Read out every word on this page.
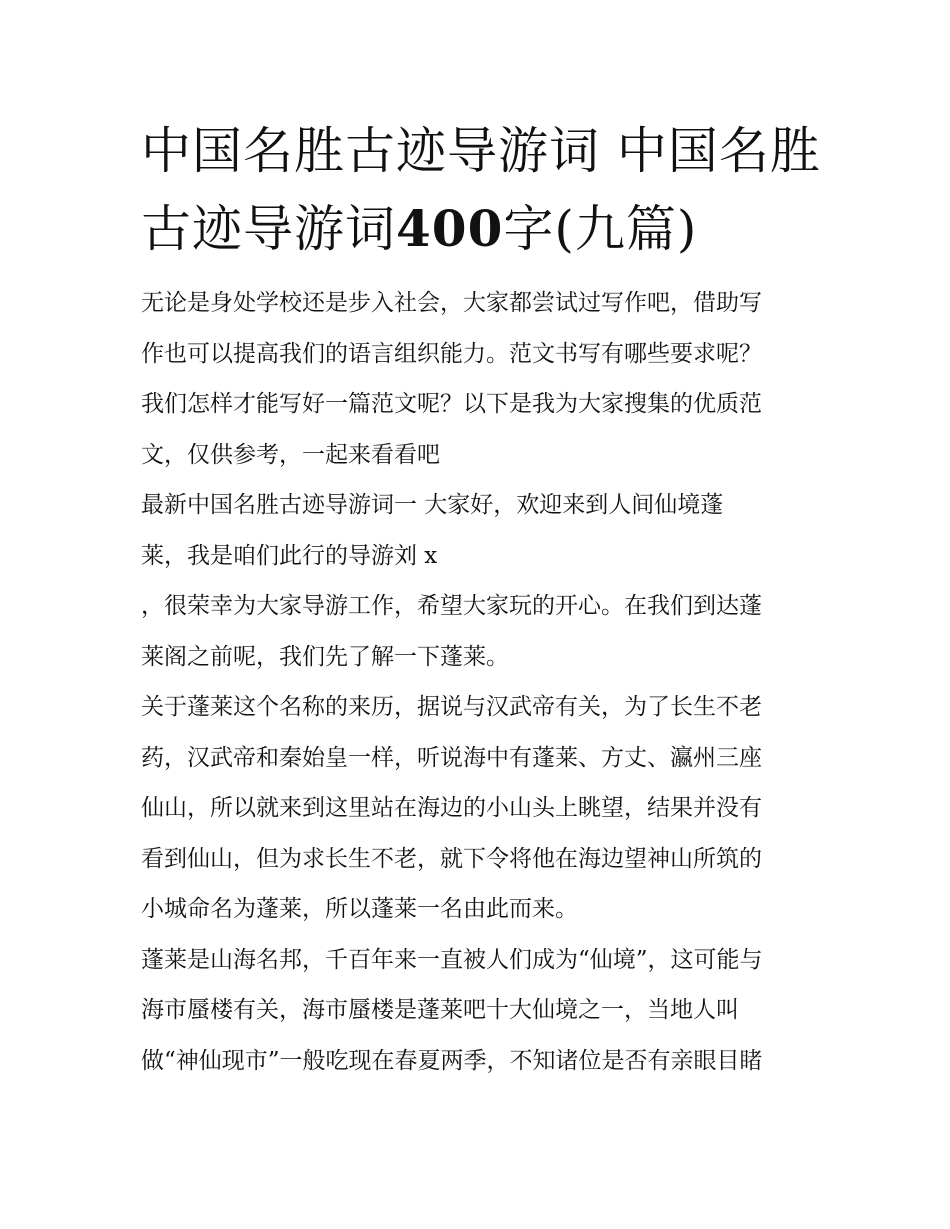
中国名胜古迹导游词 中国名胜古迹导游词400字(九篇)

无论是身处学校还是步入社会，大家都尝试过写作吧，借助写

作也可以提高我们的语言组织能力。范文书写有哪些要求呢？

我们怎样才能写好一篇范文呢？以下是我为大家搜集的优质范

文，仅供参考，一起来看看吧

最新中国名胜古迹导游词一 大家好，欢迎来到人间仙境蓬

莱，我是咱们此行的导游刘 x

，很荣幸为大家导游工作，希望大家玩的开心。在我们到达蓬

莱阁之前呢，我们先了解一下蓬莱。

关于蓬莱这个名称的来历，据说与汉武帝有关，为了长生不老

药，汉武帝和秦始皇一样，听说海中有蓬莱、方丈、瀛州三座

仙山，所以就来到这里站在海边的小山头上眺望，结果并没有

看到仙山，但为求长生不老，就下令将他在海边望神山所筑的

小城命名为蓬莱，所以蓬莱一名由此而来。

蓬莱是山海名邦，千百年来一直被人们成为“仙境”，这可能与

海市蜃楼有关，海市蜃楼是蓬莱吧十大仙境之一，当地人叫

做“神仙现市”一般吃现在春夏两季，不知诸位是否有亲眼目睹
